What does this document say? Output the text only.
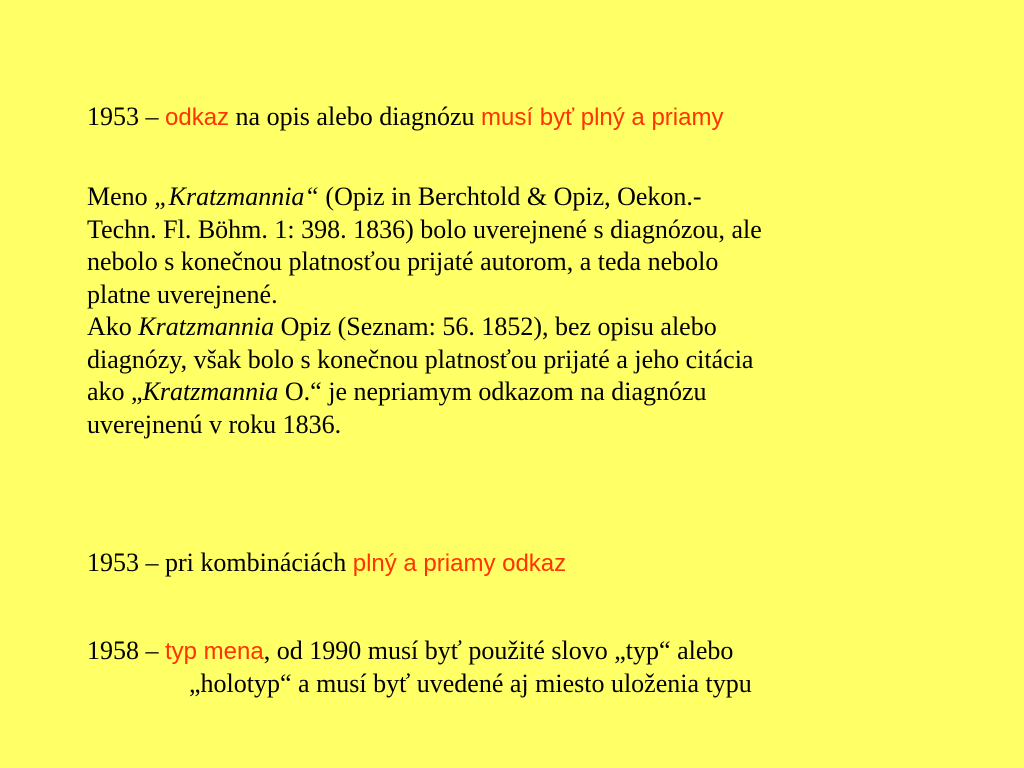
1953 – odkaz na opis alebo diagnózu musí byť plný a priamy
Meno „Kratzmannia“ (Opiz in Berchtold & Opiz, Oekon.-
Techn. Fl. Böhm. 1: 398. 1836) bolo uverejnené s diagnózou, ale
nebolo s konečnou platnosťou prijaté autorom, a teda nebolo
platne uverejnené.
Ako Kratzmannia Opiz (Seznam: 56. 1852), bez opisu alebo
diagnózy, však bolo s konečnou platnosťou prijaté a jeho citácia
ako „Kratzmannia O.“ je nepriamym odkazom na diagnózu
uverejnenú v roku 1836.
1953 – pri kombináciách plný a priamy odkaz
1958 – typ mena, od 1990 musí byť použité slovo „typ“ alebo
„holotyp“ a musí byť uvedené aj miesto uloženia typu
